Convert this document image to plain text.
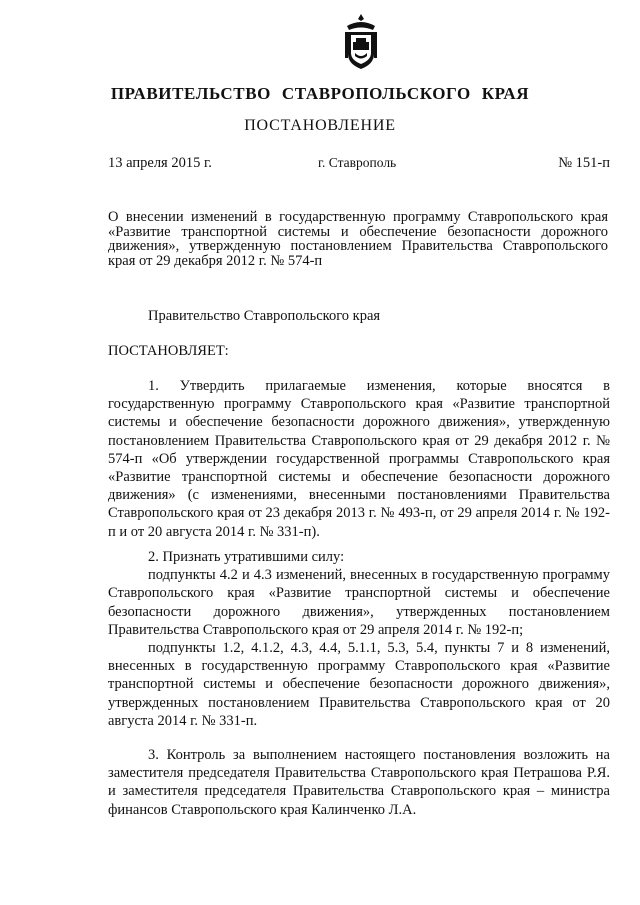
ПРАВИТЕЛЬСТВО СТАВРОПОЛЬСКОГО КРАЯ
ПОСТАНОВЛЕНИЕ
13 апреля 2015 г.	г. Ставрополь	№ 151-п

О внесении изменений в государственную программу Ставропольского края «Развитие транспортной системы и обеспечение безопасности дорожного движения», утвержденную постановлением Правительства Ставропольского края от 29 декабря 2012 г. № 574-п

Правительство Ставропольского края

ПОСТАНОВЛЯЕТ:

1. Утвердить прилагаемые изменения, которые вносятся в государственную программу Ставропольского края «Развитие транспортной системы и обеспечение безопасности дорожного движения», утвержденную постановлением Правительства Ставропольского края от 29 декабря 2012 г. № 574-п «Об утверждении государственной программы Ставропольского края «Развитие транспортной системы и обеспечение безопасности дорожного движения» (с изменениями, внесенными постановлениями Правительства Ставропольского края от 23 декабря 2013 г. № 493-п, от 29 апреля 2014 г. № 192-п и от 20 августа 2014 г. № 331-п).

2. Признать утратившими силу:

подпункты 4.2 и 4.3 изменений, внесенных в государственную программу Ставропольского края «Развитие транспортной системы и обеспечение безопасности дорожного движения», утвержденных постановлением Правительства Ставропольского края от 29 апреля 2014 г. № 192-п;

подпункты 1.2, 4.1.2, 4.3, 4.4, 5.1.1, 5.3, 5.4, пункты 7 и 8 изменений, внесенных в государственную программу Ставропольского края «Развитие транспортной системы и обеспечение безопасности дорожного движения», утвержденных постановлением Правительства Ставропольского края от 20 августа 2014 г. № 331-п.

3. Контроль за выполнением настоящего постановления возложить на заместителя председателя Правительства Ставропольского края Петрашова Р.Я. и заместителя председателя Правительства Ставропольского края – министра финансов Ставропольского края Калинченко Л.А.
